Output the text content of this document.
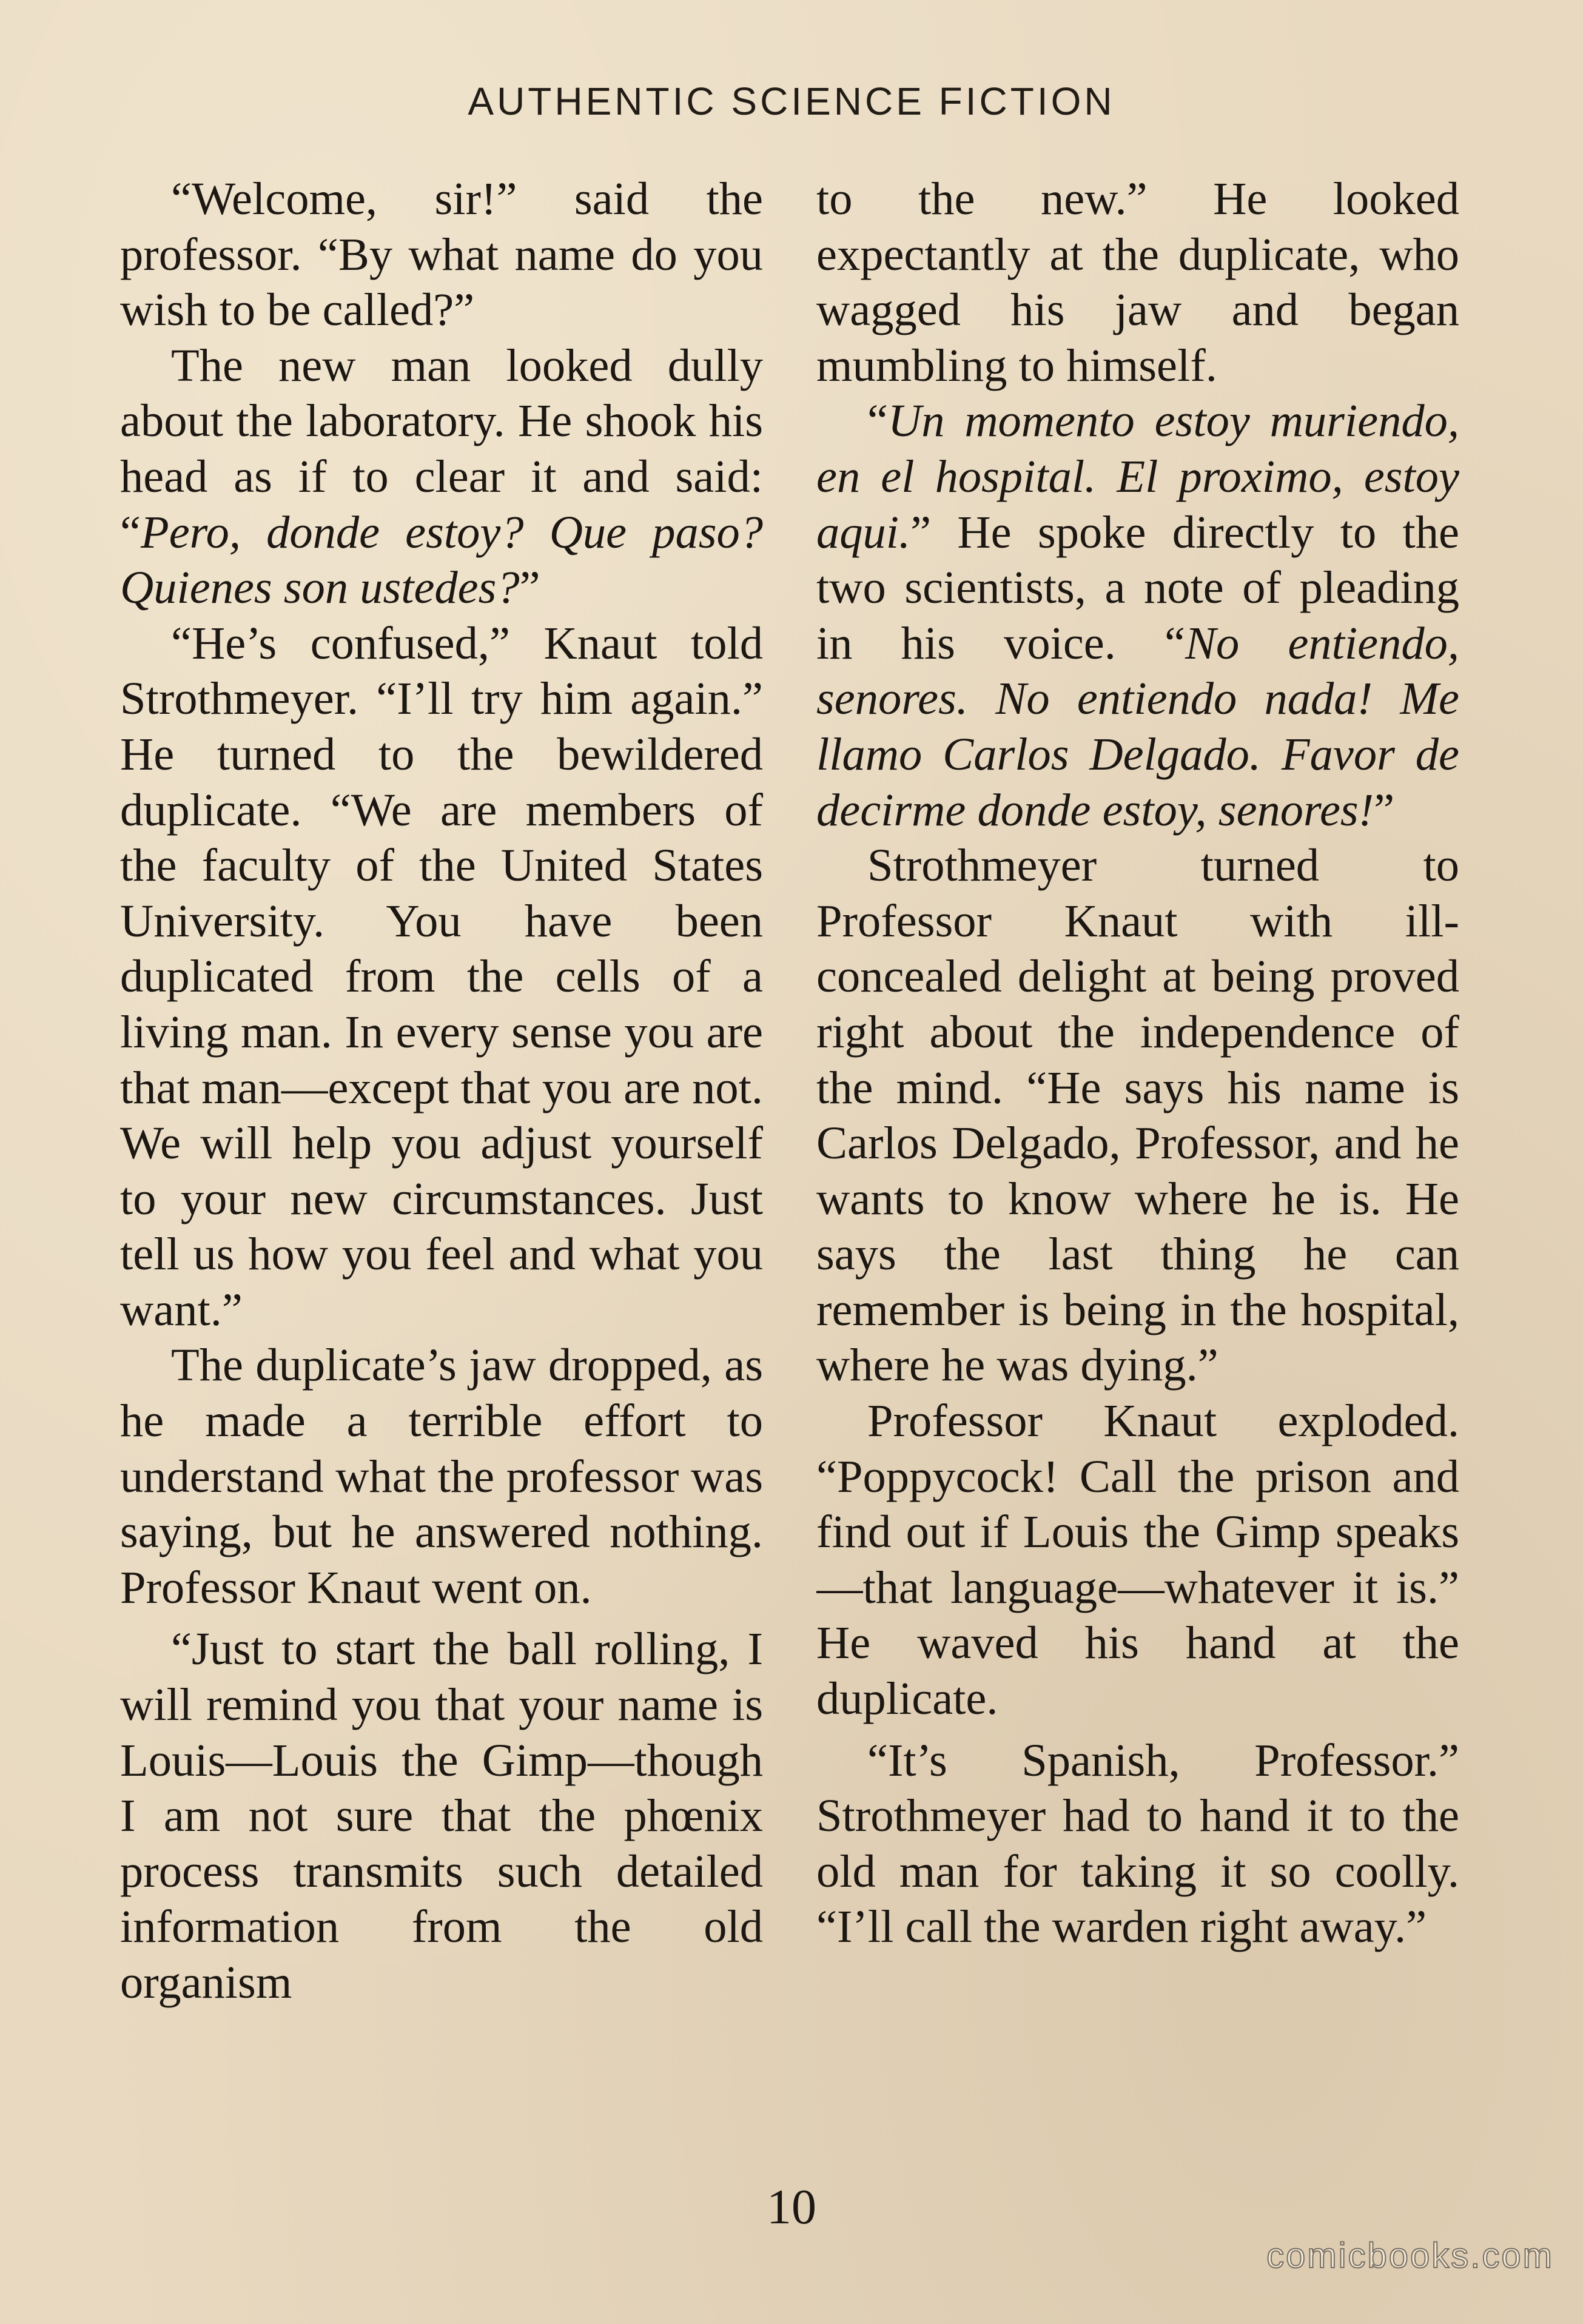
AUTHENTIC SCIENCE FICTION

“Welcome, sir!” said the professor. “By what name do you wish to be called?”

The new man looked dully about the laboratory. He shook his head as if to clear it and said: “Pero, donde estoy? Que paso? Quienes son ustedes?”

“He’s confused,” Knaut told Strothmeyer. “I’ll try him again.” He turned to the bewildered duplicate. “We are members of the faculty of the United States University. You have been duplicated from the cells of a living man. In every sense you are that man—except that you are not. We will help you adjust yourself to your new circumstances. Just tell us how you feel and what you want.”

The duplicate’s jaw dropped, as he made a terrible effort to understand what the professor was saying, but he answered nothing. Professor Knaut went on.

“Just to start the ball rolling, I will remind you that your name is Louis—Louis the Gimp—though I am not sure that the phœnix process transmits such detailed information from the old organism

to the new.” He looked expectantly at the duplicate, who wagged his jaw and began mumbling to himself.

“Un momento estoy muriendo, en el hospital. El proximo, estoy aqui.” He spoke directly to the two scientists, a note of pleading in his voice. “No entiendo, senores. No entiendo nada! Me llamo Carlos Delgado. Favor de decirme donde estoy, senores!”

Strothmeyer turned to Professor Knaut with ill-concealed delight at being proved right about the independence of the mind. “He says his name is Carlos Delgado, Professor, and he wants to know where he is. He says the last thing he can remember is being in the hospital, where he was dying.”

Professor Knaut exploded. “Poppycock! Call the prison and find out if Louis the Gimp speaks—that language—whatever it is.” He waved his hand at the duplicate.

“It’s Spanish, Professor.” Strothmeyer had to hand it to the old man for taking it so coolly. “I’ll call the warden right away.”

10
comicbooks.com
